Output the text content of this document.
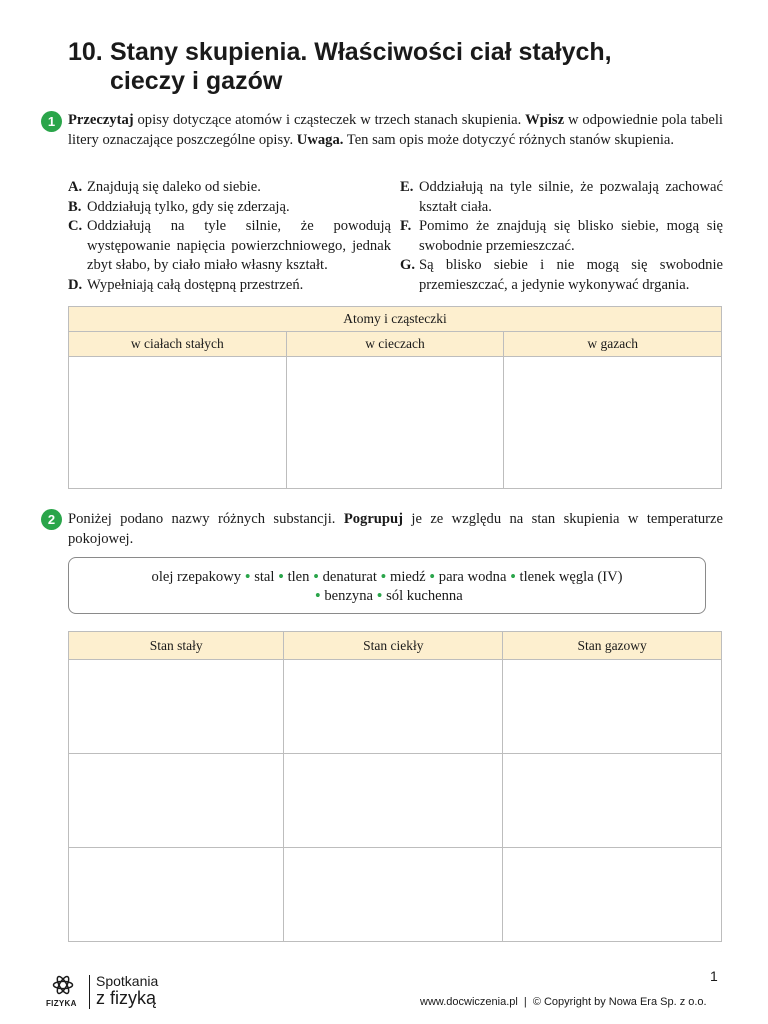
10. Stany skupienia. Właściwości ciał stałych,
cieczy i gazów
1 Przeczytaj opisy dotyczące atomów i cząsteczek w trzech stanach skupienia. Wpisz w odpowiednie pola tabeli litery oznaczające poszczególne opisy. Uwaga. Ten sam opis może dotyczyć różnych stanów skupienia.
A. Znajdują się daleko od siebie.
B. Oddziałują tylko, gdy się zderzają.
C. Oddziałują na tyle silnie, że powodują występowanie napięcia powierzchniowego, jednak zbyt słabo, by ciało miało własny kształt.
D. Wypełniają całą dostępną przestrzeń.
E. Oddziałują na tyle silnie, że pozwalają zachować kształt ciała.
F. Pomimo że znajdują się blisko siebie, mogą się swobodnie przemieszczać.
G. Są blisko siebie i nie mogą się swobodnie przemieszczać, a jedynie wykonywać drgania.
Atomy i cząsteczki		
w ciałach stałych	w cieczach	w gazach

2 Poniżej podano nazwy różnych substancji. Pogrupuj je ze względu na stan skupienia w temperaturze pokojowej.
olej rzepakowy • stal • tlen • denaturat • miedź • para wodna • tlenek węgla (IV)
• benzyna • sól kuchenna
Stan stały	Stan ciekły	Stan gazowy

FIZYKA
Spotkania
z fizyką
1
www.docwiczenia.pl | © Copyright by Nowa Era Sp. z o.o.
